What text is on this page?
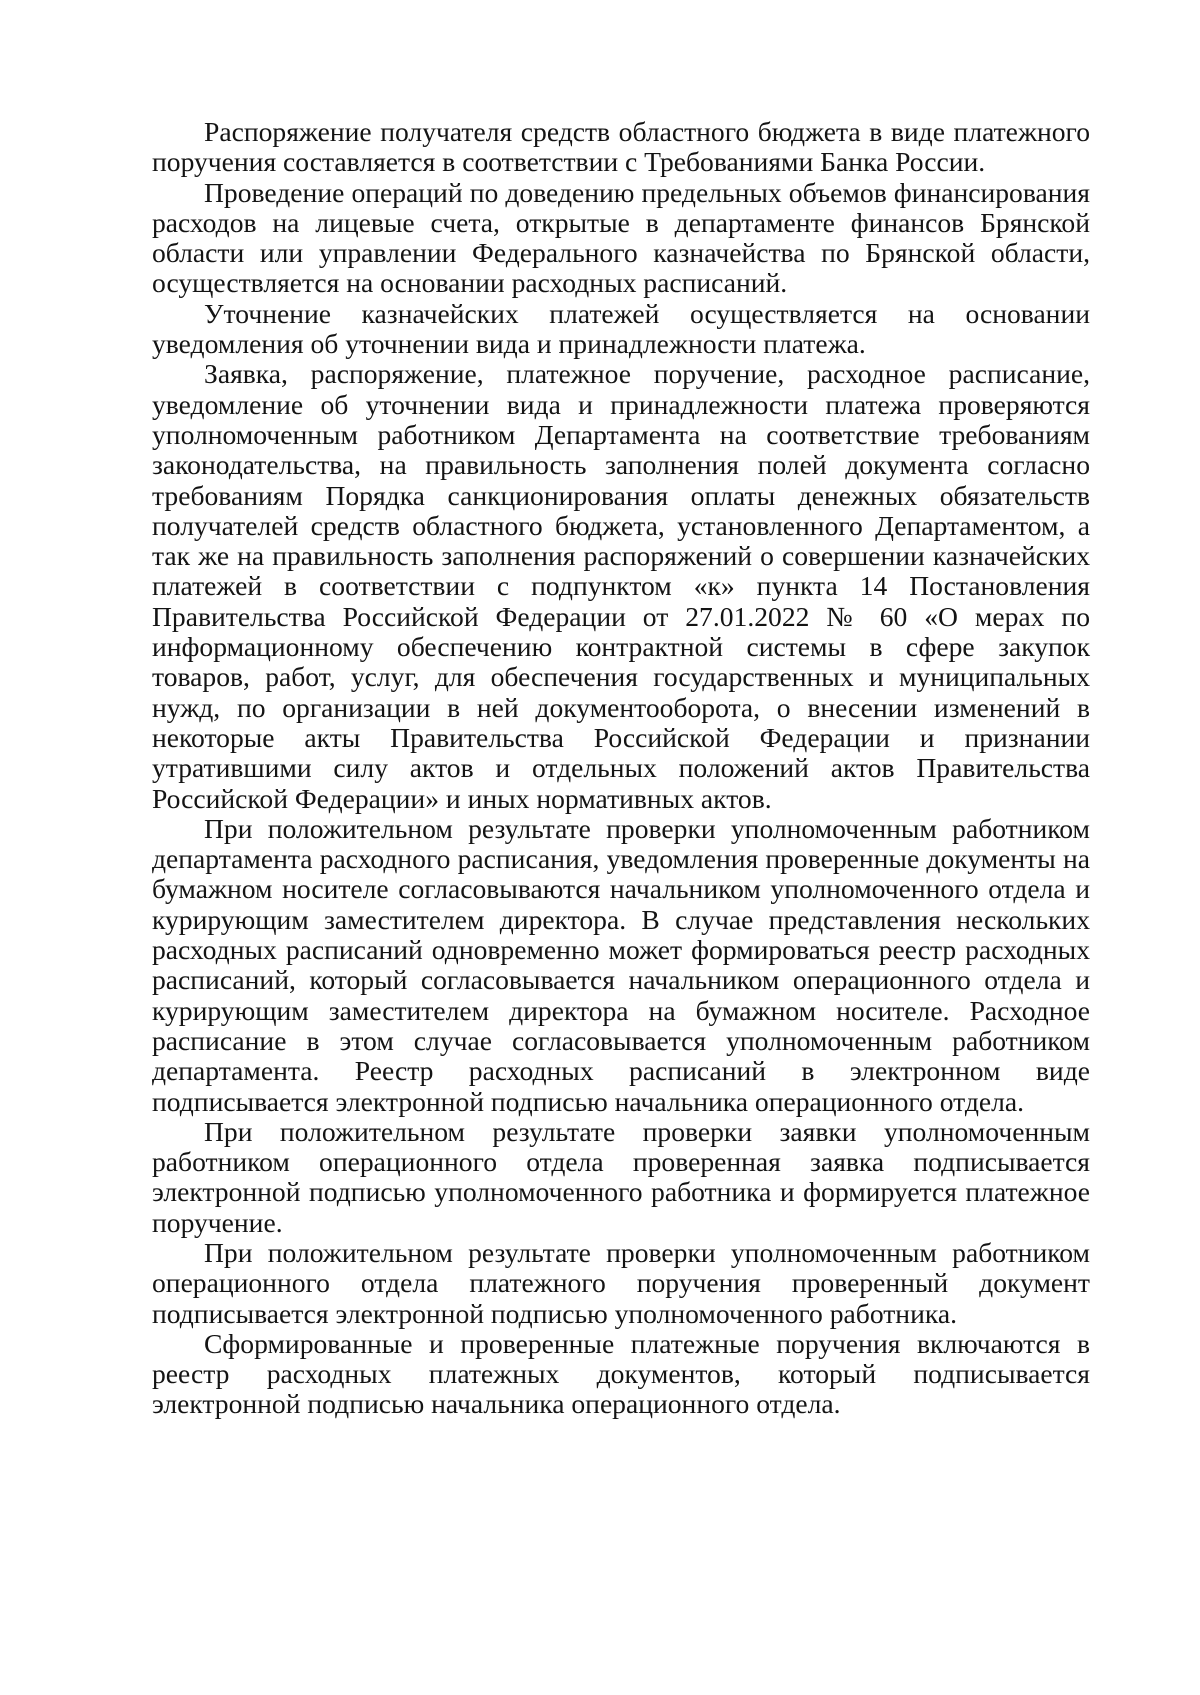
Распоряжение получателя средств областного бюджета в виде платежного поручения составляется в соответствии с Требованиями Банка России.

Проведение операций по доведению предельных объемов финансирования расходов на лицевые счета, открытые в департаменте финансов Брянской области или управлении Федерального казначейства по Брянской области, осуществляется на основании расходных расписаний.

Уточнение казначейских платежей осуществляется на основании уведомления об уточнении вида и принадлежности платежа.

Заявка, распоряжение, платежное поручение, расходное расписание, уведомление об уточнении вида и принадлежности платежа проверяются уполномоченным работником Департамента на соответствие требованиям законодательства, на правильность заполнения полей документа согласно требованиям Порядка санкционирования оплаты денежных обязательств получателей средств областного бюджета, установленного Департаментом, а так же на правильность заполнения распоряжений о совершении казначейских платежей в соответствии с подпунктом «к» пункта 14 Постановления Правительства Российской Федерации от 27.01.2022 № 60 «О мерах по информационному обеспечению контрактной системы в сфере закупок товаров, работ, услуг, для обеспечения государственных и муниципальных нужд, по организации в ней документооборота, о внесении изменений в некоторые акты Правительства Российской Федерации и признании утратившими силу актов и отдельных положений актов Правительства Российской Федерации» и иных нормативных актов.

При положительном результате проверки уполномоченным работником департамента расходного расписания, уведомления проверенные документы на бумажном носителе согласовываются начальником уполномоченного отдела и курирующим заместителем директора. В случае представления нескольких расходных расписаний одновременно может формироваться реестр расходных расписаний, который согласовывается начальником операционного отдела и курирующим заместителем директора на бумажном носителе. Расходное расписание в этом случае согласовывается уполномоченным работником департамента. Реестр расходных расписаний в электронном виде подписывается электронной подписью начальника операционного отдела.

При положительном результате проверки заявки уполномоченным работником операционного отдела проверенная заявка подписывается электронной подписью уполномоченного работника и формируется платежное поручение.

При положительном результате проверки уполномоченным работником операционного отдела платежного поручения проверенный документ подписывается электронной подписью уполномоченного работника.

Сформированные и проверенные платежные поручения включаются в реестр расходных платежных документов, который подписывается электронной подписью начальника операционного отдела.
